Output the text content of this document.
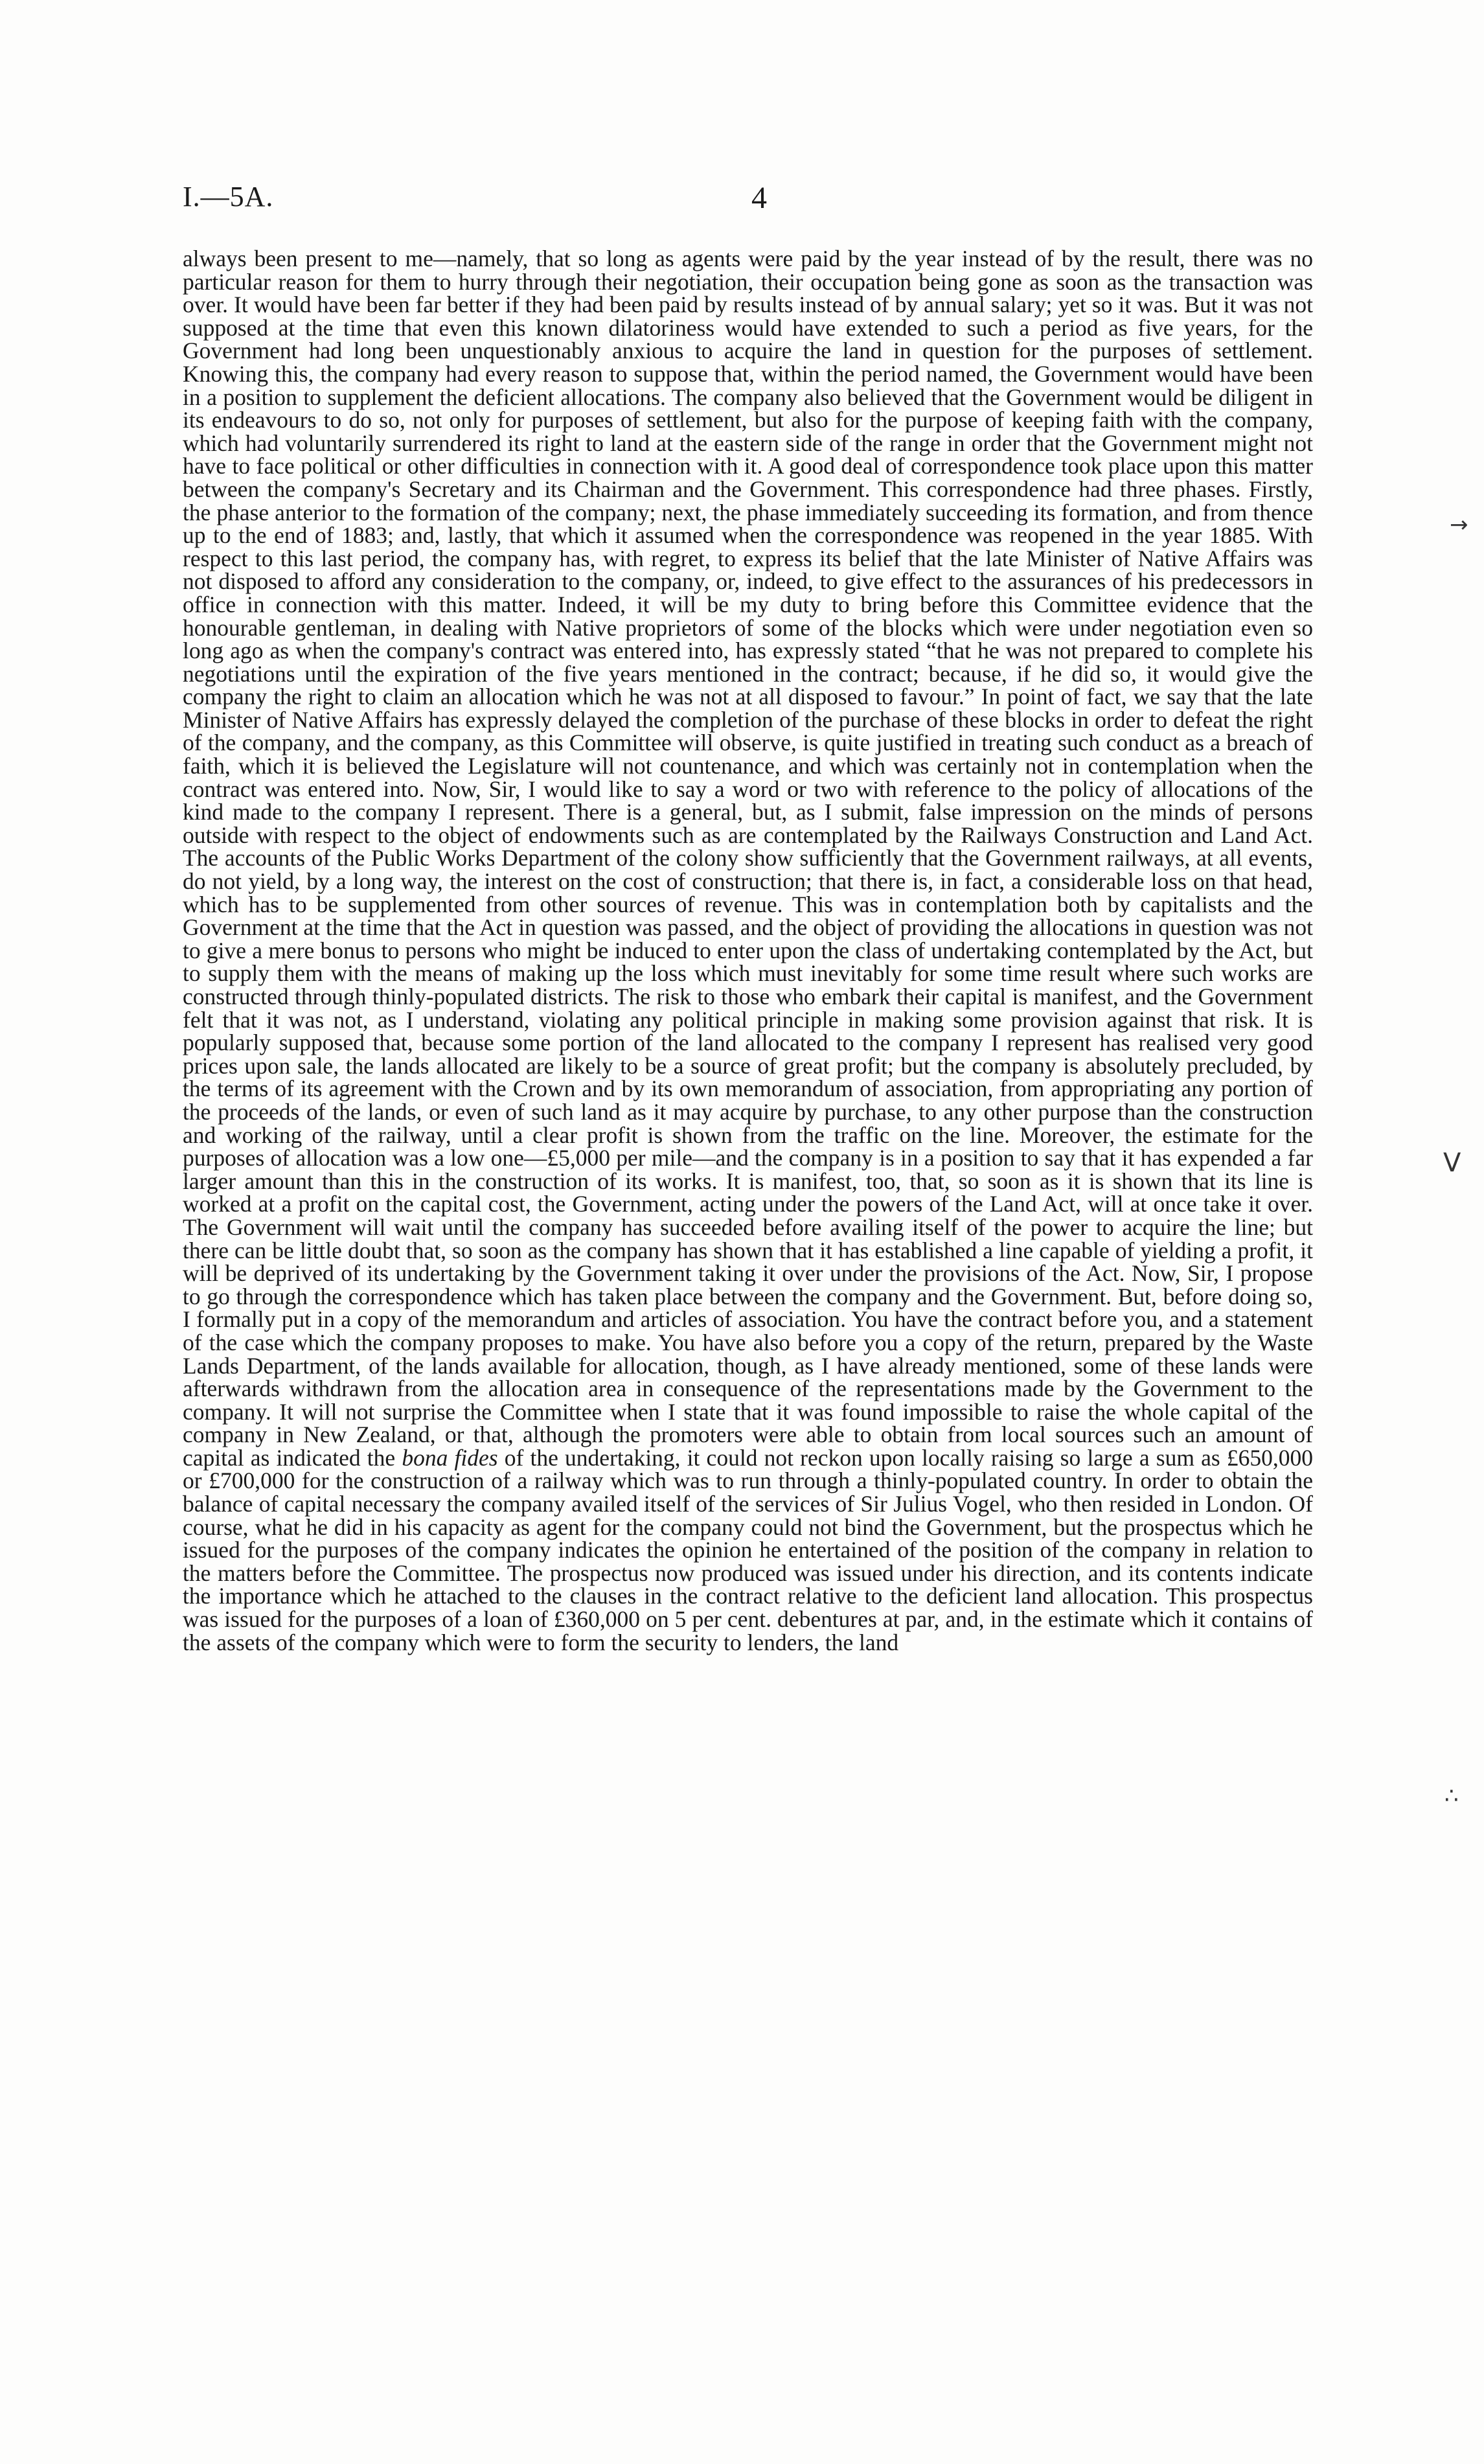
I.—5A.	4

always been present to me—namely, that so long as agents were paid by the year instead of by the result, there was no particular reason for them to hurry through their negotiation, their occupation being gone as soon as the transaction was over. It would have been far better if they had been paid by results instead of by annual salary; yet so it was. But it was not supposed at the time that even this known dilatoriness would have extended to such a period as five years, for the Government had long been unquestionably anxious to acquire the land in question for the purposes of settlement. Knowing this, the company had every reason to suppose that, within the period named, the Government would have been in a position to supplement the deficient allocations. The company also believed that the Government would be diligent in its endeavours to do so, not only for purposes of settlement, but also for the purpose of keeping faith with the company, which had voluntarily surrendered its right to land at the eastern side of the range in order that the Government might not have to face political or other difficulties in connection with it. A good deal of correspondence took place upon this matter between the company's Secretary and its Chairman and the Government. This correspondence had three phases. Firstly, the phase anterior to the formation of the company; next, the phase immediately succeeding its formation, and from thence up to the end of 1883; and, lastly, that which it assumed when the correspondence was reopened in the year 1885. With respect to this last period, the company has, with regret, to express its belief that the late Minister of Native Affairs was not disposed to afford any consideration to the company, or, indeed, to give effect to the assurances of his predecessors in office in connection with this matter. Indeed, it will be my duty to bring before this Committee evidence that the honourable gentleman, in dealing with Native proprietors of some of the blocks which were under negotiation even so long ago as when the company's contract was entered into, has expressly stated “that he was not prepared to complete his negotiations until the expiration of the five years mentioned in the contract; because, if he did so, it would give the company the right to claim an allocation which he was not at all disposed to favour.” In point of fact, we say that the late Minister of Native Affairs has expressly delayed the completion of the purchase of these blocks in order to defeat the right of the company, and the company, as this Committee will observe, is quite justified in treating such conduct as a breach of faith, which it is believed the Legislature will not countenance, and which was certainly not in contemplation when the contract was entered into. Now, Sir, I would like to say a word or two with reference to the policy of allocations of the kind made to the company I represent. There is a general, but, as I submit, false impression on the minds of persons outside with respect to the object of endowments such as are contemplated by the Railways Construction and Land Act. The accounts of the Public Works Department of the colony show sufficiently that the Government railways, at all events, do not yield, by a long way, the interest on the cost of construction; that there is, in fact, a considerable loss on that head, which has to be supplemented from other sources of revenue. This was in contemplation both by capitalists and the Government at the time that the Act in question was passed, and the object of providing the allocations in question was not to give a mere bonus to persons who might be induced to enter upon the class of undertaking contemplated by the Act, but to supply them with the means of making up the loss which must inevitably for some time result where such works are constructed through thinly-populated districts. The risk to those who embark their capital is manifest, and the Government felt that it was not, as I understand, violating any political principle in making some provision against that risk. It is popularly supposed that, because some portion of the land allocated to the company I represent has realised very good prices upon sale, the lands allocated are likely to be a source of great profit; but the company is absolutely precluded, by the terms of its agreement with the Crown and by its own memorandum of association, from appropriating any portion of the proceeds of the lands, or even of such land as it may acquire by purchase, to any other purpose than the construction and working of the railway, until a clear profit is shown from the traffic on the line. Moreover, the estimate for the purposes of allocation was a low one—£5,000 per mile—and the company is in a position to say that it has expended a far larger amount than this in the construction of its works. It is manifest, too, that, so soon as it is shown that its line is worked at a profit on the capital cost, the Government, acting under the powers of the Land Act, will at once take it over. The Government will wait until the company has succeeded before availing itself of the power to acquire the line; but there can be little doubt that, so soon as the company has shown that it has established a line capable of yielding a profit, it will be deprived of its undertaking by the Government taking it over under the provisions of the Act. Now, Sir, I propose to go through the correspondence which has taken place between the company and the Government. But, before doing so, I formally put in a copy of the memorandum and articles of association. You have the contract before you, and a statement of the case which the company proposes to make. You have also before you a copy of the return, prepared by the Waste Lands Department, of the lands available for allocation, though, as I have already mentioned, some of these lands were afterwards withdrawn from the allocation area in consequence of the representations made by the Government to the company. It will not surprise the Committee when I state that it was found impossible to raise the whole capital of the company in New Zealand, or that, although the promoters were able to obtain from local sources such an amount of capital as indicated the bona fides of the undertaking, it could not reckon upon locally raising so large a sum as £650,000 or £700,000 for the construction of a railway which was to run through a thinly-populated country. In order to obtain the balance of capital necessary the company availed itself of the services of Sir Julius Vogel, who then resided in London. Of course, what he did in his capacity as agent for the company could not bind the Government, but the prospectus which he issued for the purposes of the company indicates the opinion he entertained of the position of the company in relation to the matters before the Committee. The prospectus now produced was issued under his direction, and its contents indicate the importance which he attached to the clauses in the contract relative to the deficient land allocation. This prospectus was issued for the purposes of a loan of £360,000 on 5 per cent. debentures at par, and, in the estimate which it contains of the assets of the company which were to form the security to lenders, the land

→
V
∴
